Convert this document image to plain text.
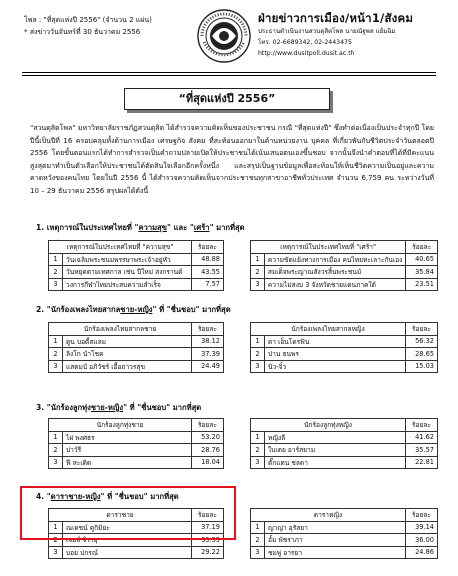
โพล : "ที่สุดแห่งปี 2556" (จำนวน 2 แผ่น)
* ส่งข่าววันจันทร์ที่ 30 ธันวาคม 2556
ฝ่ายข่าวการเมือง/หน้า1/สังคม
ประธานดำเนินงานสวนดุสิตโพล นายณัฐพล แย้มฉิม
โทร. 02-6689342, 02-2443475
http://www.dusitpoll.dusit.ac.th
“ที่สุดแห่งปี 2556”
"สวนดุสิตโพล" มหาวิทยาลัยราชภัฏสวนดุสิต ได้สำรวจความคิดเห็นของประชาชน กรณี "ที่สุดแห่งปี" ซึ่งทำต่อเนื่องเป็นประจำทุกปี โดยปีนี้เป็นปีที่ 16 ครอบคลุมทั้งด้านการเมือง เศรษฐกิจ สังคม ที่สะท้อนออกมาในด้านหน่วยงาน บุคคล ที่เกี่ยวพันกับชีวิตประจำวันตลอดปี 2556 โดยขั้นตอนแรกได้ทำการสำรวจเป็นคำถามปลายเปิดให้ประชาชนได้เน้นเสนอตนเองขึ้นชอบ จากนั้นจึงนำคำตอบที่ได้ที่มีคะแนนสูงสุดมาทำเป็นตัวเลือกให้ประชาชนได้ตัดสินใจเลือกอีกครั้งหนึ่ง และสรุปเป็นฐานข้อมูลเพื่อสะท้อนให้เห็นชีวิตความเป็นอยู่และความคาดหวังของคนไทย โดยในปี 2556 นี้ ได้สำรวจความคิดเห็นจากประชาชนทุกสาขาอาชีพทั่วประเทศ จำนวน 6,759 คน ระหว่างวันที่ 10 – 29 ธันวาคม 2556 สรุปผลได้ดังนี้
1. เหตุการณ์ในประเทศไทยที่ "ความสุข" และ "เศร้า" มากที่สุด
2. "นักร้องเพลงไทยสากลชาย-หญิง" ที่ "ชื่นชอบ" มากที่สุด
3. "นักร้องลูกทุ่งชาย-หญิง" ที่ "ชื่นชอบ" มากที่สุด
4. "ดาราชาย-หญิง" ที่ "ชื่นชอบ" มากที่สุด
เหตุการณ์ในประเทศไทยที่ "ความสุข"		ร้อยละ
1	วันเฉลิมพระชนมพรรษาพระเจ้าอยู่หัว	48.88
2	วันหยุดตามเทศกาล เช่น ปีใหม่ สงกรานต์	43.55
3	วงการกีฬาไทยประสบความสำเร็จ	7.57
เหตุการณ์ในประเทศไทยที่ "เศร้า"		ร้อยละ
1	ความขัดแย้งทางการเมือง คนไทยทะเลาะกันเอง	40.65
2	สมเด็จพระญาณสังวรสิ้นพระชนม์	35.84
3	ความไม่สงบ 3 จังหวัดชายแดนภาคใต้	23.51
นักร้องเพลงไทยสากลชาย		ร้อยละ
1	ตูน บอดี้สแลม	38.12
2	ลิงโก นำโชค	37.39
3	แสตมป์ อภิวัชร์ เอื้อถาวรสุข	24.49
นักร้องเพลงไทยสากลหญิง		ร้อยละ
1	ดา เอ็นโดรฟิน	56.32
2	ปาน ธนพร	28.65
3	นิว-จิ๋ว	15.03
นักร้องลูกทุ่งชาย		ร้อยละ
1	ไผ่ พงศธร	53.20
2	ปาว์รี	28.76
3	ฟี สะเดิด	18.04
นักร้องลูกทุ่งหญิง		ร้อยละ
1	หญิงลี	41.62
2	ใบเตย อาร์สยาม	35.57
3	ตั๊กแตน ชลดา	22.81
ดาราชาย		ร้อยละ
1	ณเดชน์ คูกิมิยะ	37.19
2	เจมส์ จิรายุ	33.59
3	บอย ปกรณ์	29.22
ดาราหญิง		ร้อยละ
1	ญาญ่า อุรัสยา	39.14
2	อั้ม พัชราภา	36.00
3	ชมพู่ อารยา	24.86
